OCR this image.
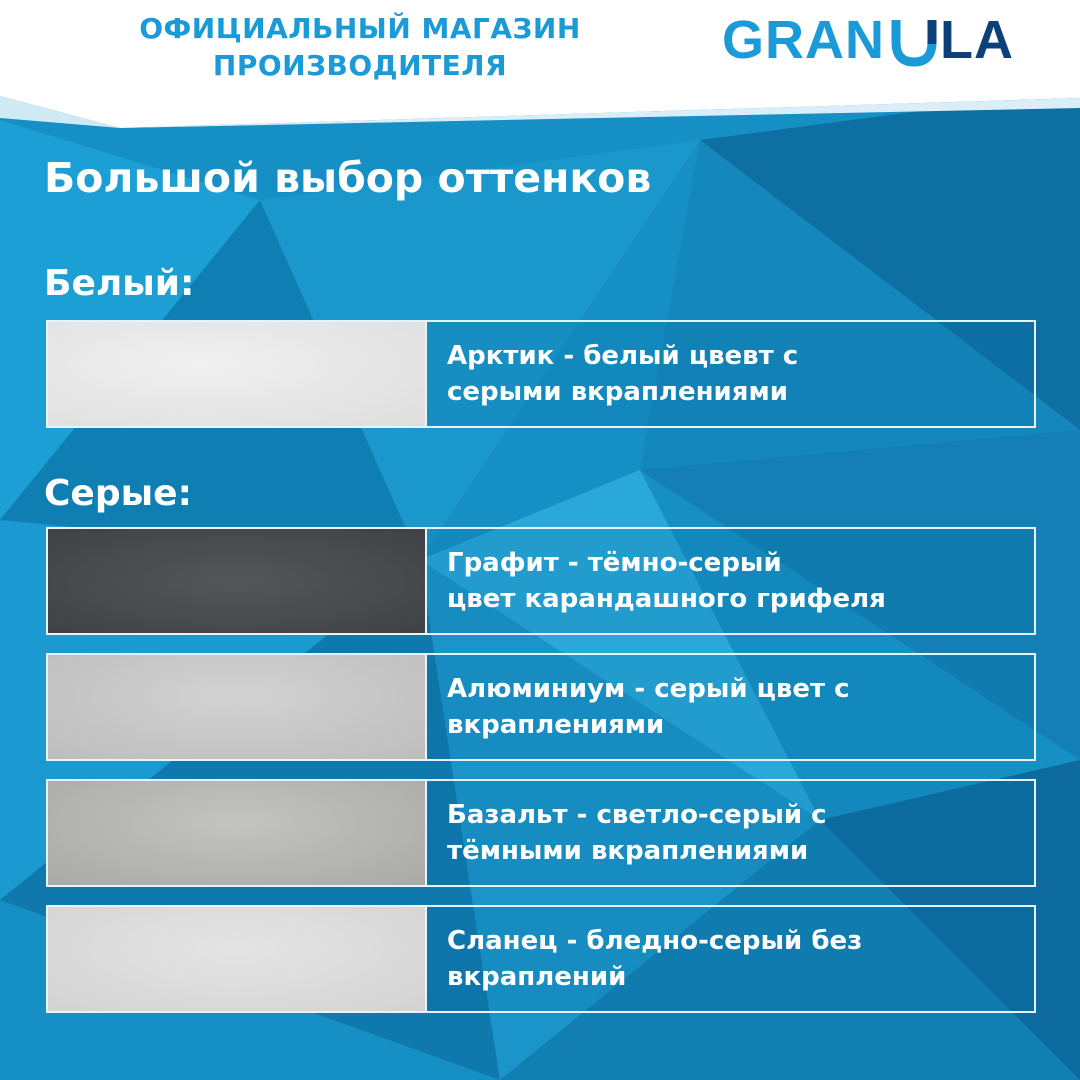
ОФИЦИАЛЬНЫЙ МАГАЗИН
ПРОИЗВОДИТЕЛЯ	GRAN LA
Большой выбор оттенков
Белый:
Арктик - белый цвевт с
серыми вкраплениями
Серые:
Графит - тёмно-серый
цвет карандашного грифеля
Алюминиум - серый цвет с
вкраплениями
Базальт - светло-серый с
тёмными вкраплениями
Сланец - бледно-серый без
вкраплений
